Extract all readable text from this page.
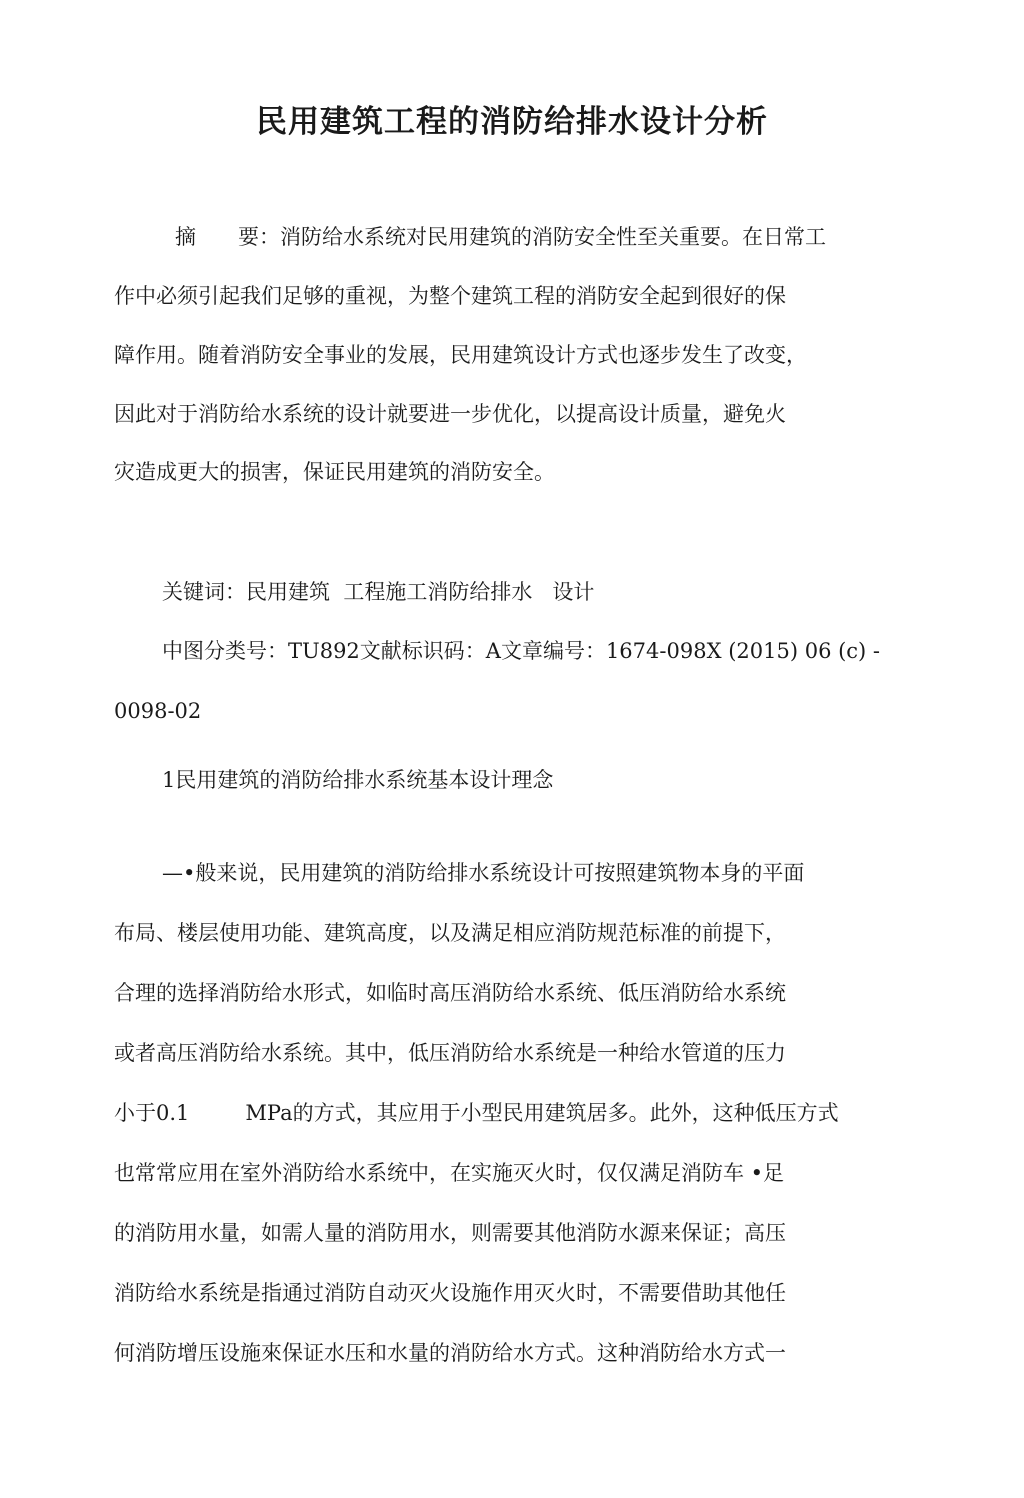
民用建筑工程的消防给排水设计分析

摘　　要：消防给水系统对民用建筑的消防安全性至关重要。在日常工

作中必须引起我们足够的重视，为整个建筑工程的消防安全起到很好的保

障作用。随着消防安全事业的发展，民用建筑设计方式也逐步发生了改变，

因此对于消防给水系统的设计就要进一步优化，以提高设计质量，避免火

灾造成更大的损害，保证民用建筑的消防安全。

关键词：民用建筑  工程施工消防给排水   设计

中图分类号：TU892文献标识码：A文章编号：1674-098X (2015) 06 (c) -

0098-02

1民用建筑的消防给排水系统基本设计理念

—•般来说，民用建筑的消防给排水系统设计可按照建筑物本身的平面

布局、楼层使用功能、建筑高度，以及满足相应消防规范标准的前提下，

合理的选择消防给水形式，如临时高压消防给水系统、低压消防给水系统

或者高压消防给水系统。其中，低压消防给水系统是一种给水管道的压力

小于0.1	MPa的方式，其应用于小型民用建筑居多。此外，这种低压方式

也常常应用在室外消防给水系统中，在实施灭火时，仅仅满足消防车 •足

的消防用水量，如需人量的消防用水，则需要其他消防水源来保证；高压

消防给水系统是指通过消防自动灭火设施作用灭火时，不需要借助其他任

何消防增压设施來保证水压和水量的消防给水方式。这种消防给水方式一
